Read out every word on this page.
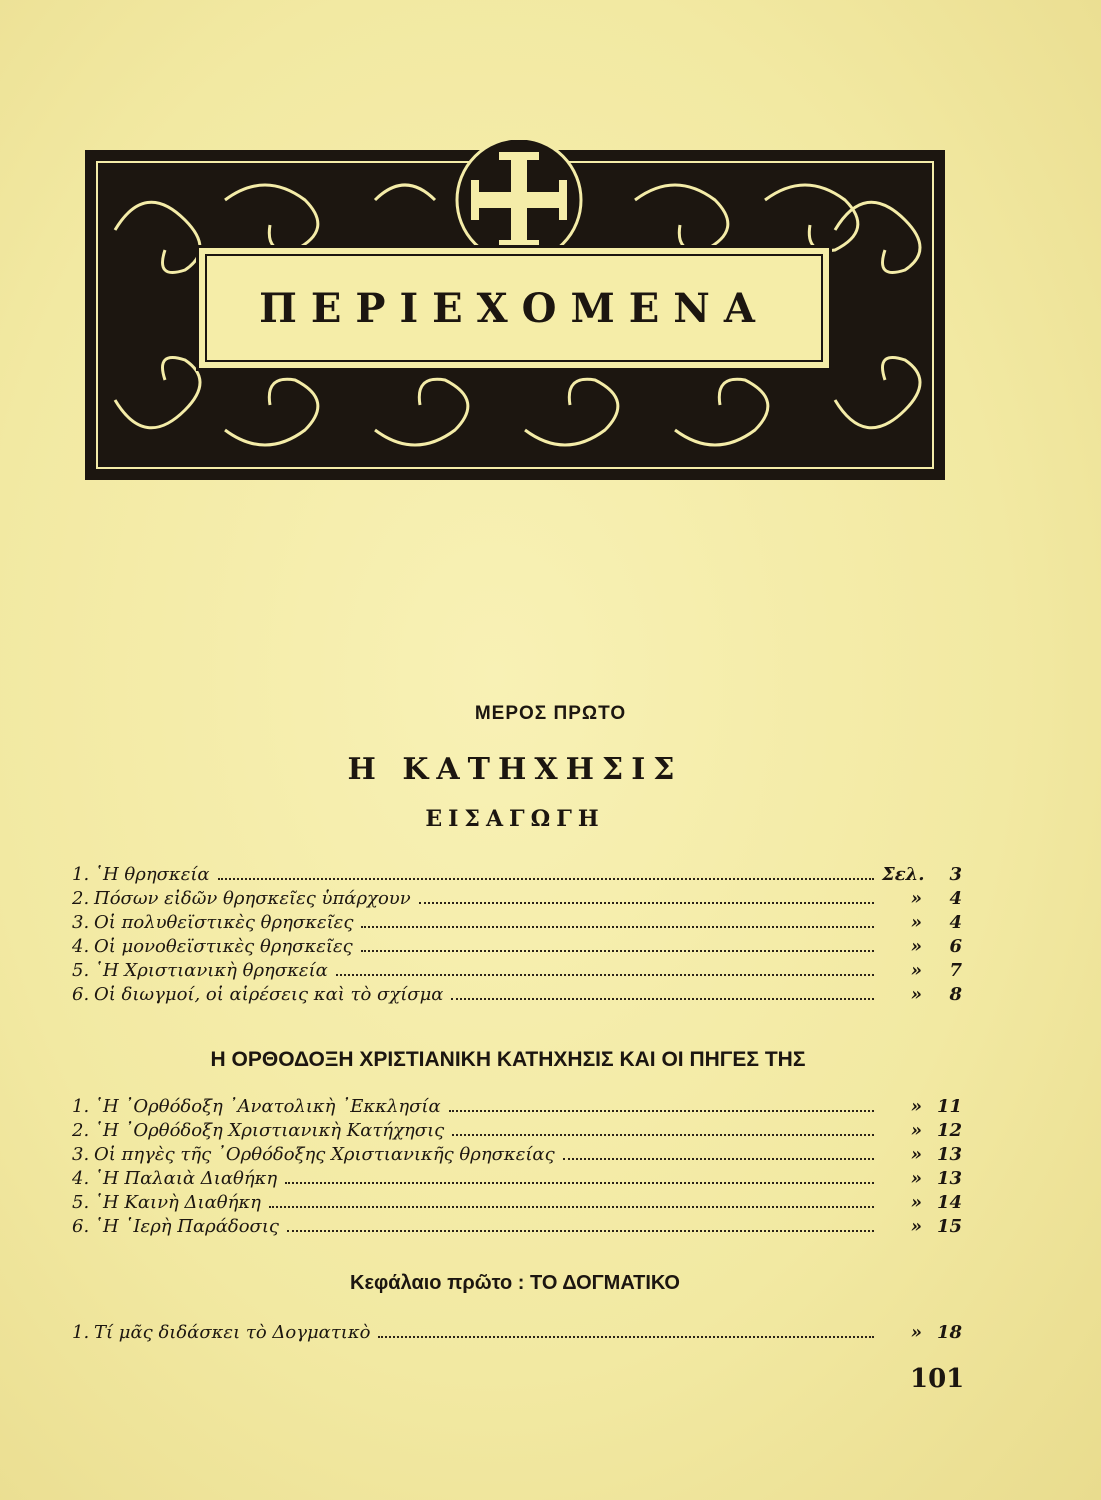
ΠΕΡΙΕΧΟΜΕΝΑ
ΜΕΡΟΣ ΠΡΩΤΟ
Η ΚΑΤΗΧΗΣΙΣ
ΕΙΣΑΓΩΓΗ
1. ῾Η θρησκεία	Σελ.	3
2. Πόσων εἰδῶν θρησκεῖες ὑπάρχουν	»	4
3. Οἱ πολυθεϊστικὲς θρησκεῖες	»	4
4. Οἱ μονοθεϊστικὲς θρησκεῖες	»	6
5. ῾Η Χριστιανικὴ θρησκεία	»	7
6. Οἱ διωγμοί, οἱ αἱρέσεις καὶ τὸ σχίσμα	»	8
Η ΟΡΘΟΔΟΞΗ ΧΡΙΣΤΙΑΝΙΚΗ ΚΑΤΗΧΗΣΙΣ ΚΑΙ ΟΙ ΠΗΓΕΣ ΤΗΣ
1. ῾Η ᾿Ορθόδοξη ᾿Ανατολικὴ ᾿Εκκλησία	» 11
2. ῾Η ᾿Ορθόδοξη Χριστιανικὴ Κατήχησις	» 12
3. Οἱ πηγὲς τῆς ᾿Ορθόδοξης Χριστιανικῆς θρησκείας	» 13
4. ῾Η Παλαιὰ Διαθήκη	» 13
5. ῾Η Καινὴ Διαθήκη	» 14
6. ῾Η ῾Ιερὴ Παράδοσις	» 15
Κεφάλαιο πρῶτο : ΤΟ ΔΟΓΜΑΤΙΚΟ
1. Τί μᾶς διδάσκει τὸ Δογματικὸ	» 18
101
